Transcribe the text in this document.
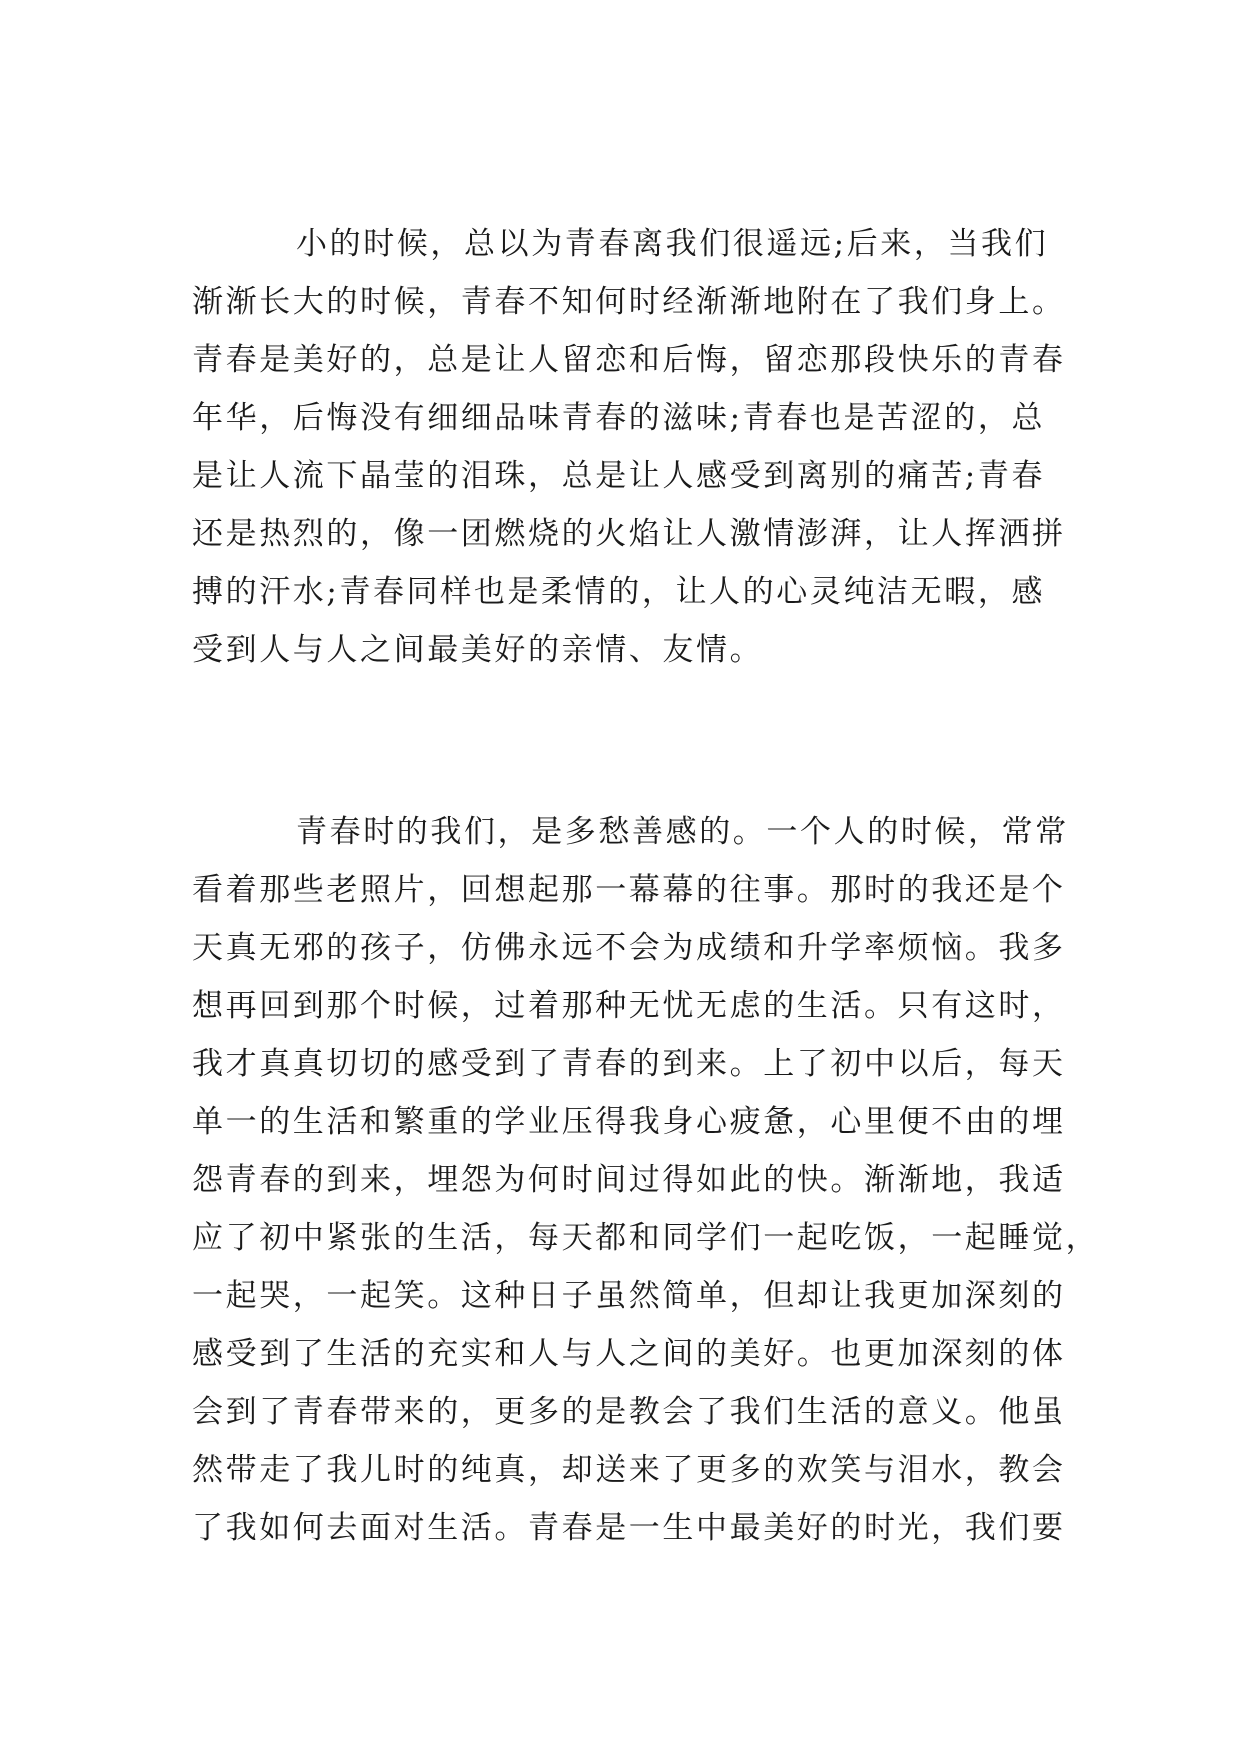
小的时候，总以为青春离我们很遥远;后来，当我们
渐渐长大的时候，青春不知何时经渐渐地附在了我们身上。
青春是美好的，总是让人留恋和后悔，留恋那段快乐的青春
年华，后悔没有细细品味青春的滋味;青春也是苦涩的，总
是让人流下晶莹的泪珠，总是让人感受到离别的痛苦;青春
还是热烈的，像一团燃烧的火焰让人激情澎湃，让人挥洒拼
搏的汗水;青春同样也是柔情的，让人的心灵纯洁无暇，感
受到人与人之间最美好的亲情、友情。
青春时的我们，是多愁善感的。一个人的时候，常常
看着那些老照片，回想起那一幕幕的往事。那时的我还是个
天真无邪的孩子，仿佛永远不会为成绩和升学率烦恼。我多
想再回到那个时候，过着那种无忧无虑的生活。只有这时，
我才真真切切的感受到了青春的到来。上了初中以后，每天
单一的生活和繁重的学业压得我身心疲惫，心里便不由的埋
怨青春的到来，埋怨为何时间过得如此的快。渐渐地，我适
应了初中紧张的生活，每天都和同学们一起吃饭，一起睡觉，
一起哭，一起笑。这种日子虽然简单，但却让我更加深刻的
感受到了生活的充实和人与人之间的美好。也更加深刻的体
会到了青春带来的，更多的是教会了我们生活的意义。他虽
然带走了我儿时的纯真，却送来了更多的欢笑与泪水，教会
了我如何去面对生活。青春是一生中最美好的时光，我们要
